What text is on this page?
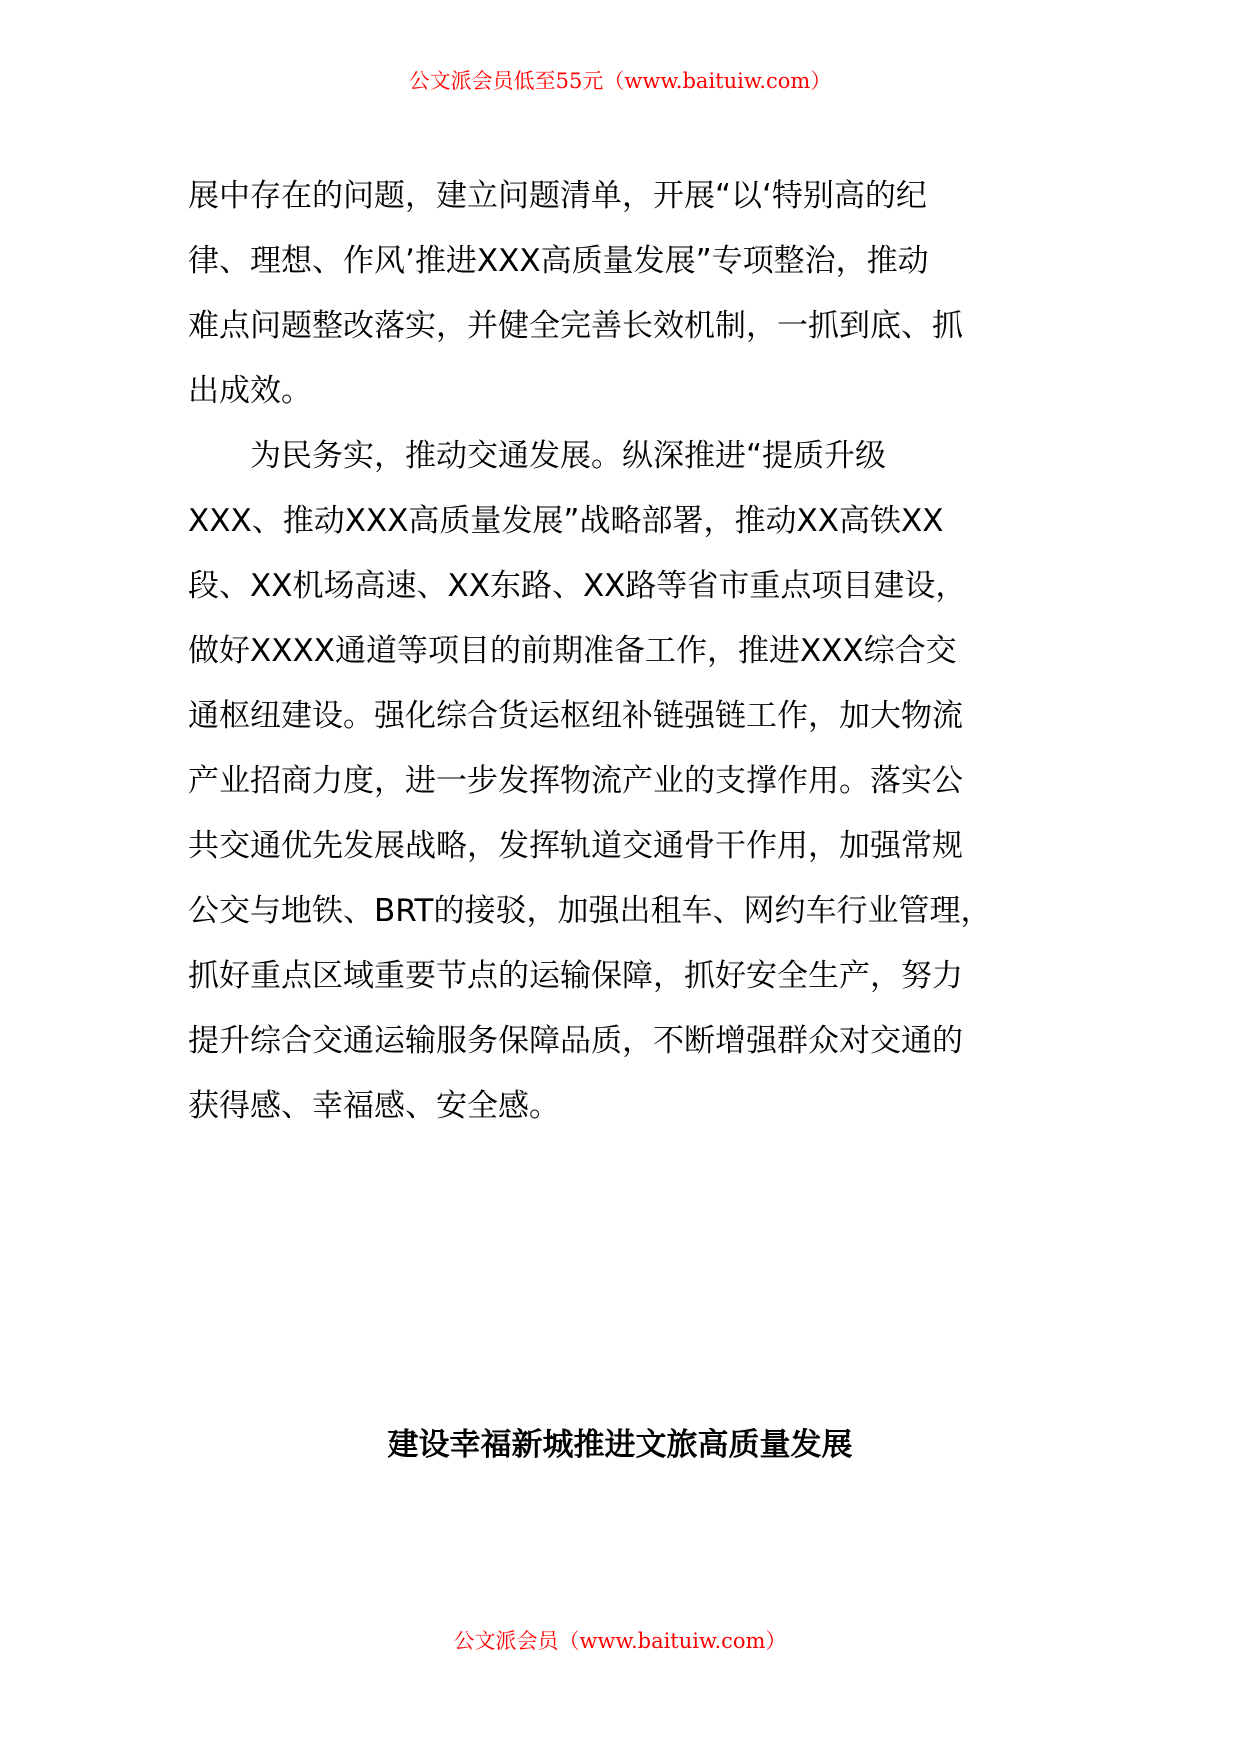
公文派会员低至55元（www.baituiw.com）
展中存在的问题，建立问题清单，开展“以‘特别高的纪
律、理想、作风’推进XXX高质量发展”专项整治，推动
难点问题整改落实，并健全完善长效机制，一抓到底、抓
出成效。
　　为民务实，推动交通发展。纵深推进“提质升级
XXX、推动XXX高质量发展”战略部署，推动XX高铁XX
段、XX机场高速、XX东路、XX路等省市重点项目建设，
做好XXXX通道等项目的前期准备工作，推进XXX综合交
通枢纽建设。强化综合货运枢纽补链强链工作，加大物流
产业招商力度，进一步发挥物流产业的支撑作用。落实公
共交通优先发展战略，发挥轨道交通骨干作用，加强常规
公交与地铁、BRT的接驳，加强出租车、网约车行业管理，
抓好重点区域重要节点的运输保障，抓好安全生产，努力
提升综合交通运输服务保障品质，不断增强群众对交通的
获得感、幸福感、安全感。
建设幸福新城推进文旅高质量发展
公文派会员（www.baituiw.com）
